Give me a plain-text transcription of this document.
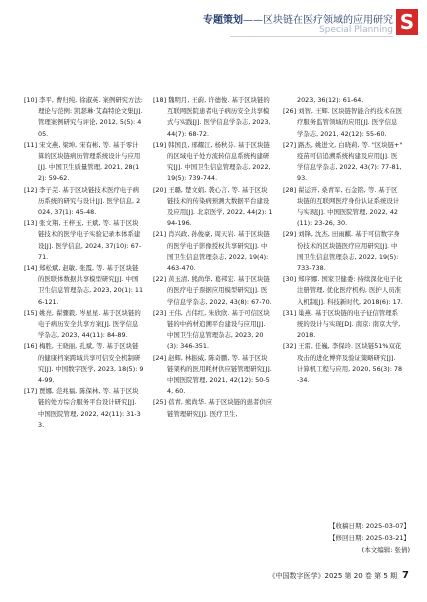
专题策划——区块链在医疗领域的应用研究
Special Planning S

[10] 李平, 曹归纯, 徐淑英. 案例研究方法: 理论与范例: 凯瑟琳·艾森特论文集[J]. 管理案例研究与评论, 2012, 5(5): 405.

[11] 宋文燕, 梁坤, 宋有彬, 等. 基于零计算的区块链病历管理系统设计与应用[J]. 中国卫生质量管理, 2021, 28(12): 59-62.

[12] 李子芫. 基于区块链技术医疗电子病历系统的研究与设计[J]. 医学信息, 2024, 37(1): 45-48.

[13] 张文翔, 王梓玉, 王斌, 等. 基于区块链技术的医学电子实验记录本体系建设[J]. 医学信息, 2024, 37(10): 67-71.

[14] 郑松斌, 赵敏, 张霞, 等. 基于区块链的医联体数据共享模型研究[J]. 中国卫生信息管理杂志, 2023, 20(1): 116-121.

[15] 姚亮, 翟骤毅, 岑星星. 基于区块链的电子病历安全共享方案[J]. 医学信息学杂志, 2023, 44(11): 84-89.

[16] 梅胜, 王晓丽, 孔斌, 等. 基于区块链的健康档案跨域共享可信安全机制研究[J]. 中国数字医学, 2023, 18(5): 94-99.

[17] 贾娜, 范兆福, 陈保林, 等. 基于区块链的处方综合服务平台设计研究[J]. 中国医院管理, 2022, 42(11): 31-33.

[18] 魏明月, 王蔚, 许德俊. 基于区块链的互联网医院患者电子病历安全共享模式与实践[J]. 医学信息学杂志, 2023, 44(7): 68-72.

[19] 韩国良, 邢耀江, 杨秋芬. 基于区块链的区域电子处方流转信息系统构建研究[J]. 中国卫生信息管理杂志, 2022, 19(5): 739-744.

[20] 王璐, 楚文娟, 袭心言, 等. 基于区块链技术的传染病预测大数据平台建设及应用[J]. 北京医学, 2022, 44(2): 194-196.

[21] 肖兴政, 孙俊豪, 周天岩. 基于区块链的医学电子影像授权共享研究[J]. 中国卫生信息管理杂志, 2022, 19(4): 463-470.

[22] 黄玉清, 熊尚华, 葛邦宏. 基于区块链的医疗电子票据应用模型研究[J]. 医学信息学杂志, 2022, 43(8): 67-70.

[23] 王伟, 占伟红, 朱欣欣. 基于可信区块链的中药材追溯平台建设与应用[J]. 中国卫生信息管理杂志, 2023, 20(3): 346-351.

[24] 赵辉, 林振威, 陈奇鹏, 等. 基于区块链架构的医用耗材供应链管理研究[J]. 中国医院管理, 2021, 42(12): 50-54, 60.

[25] 蓓青, 熊尚华. 基于区块链的患者供应链管理研究[J]. 医疗卫生,

2023, 36(12): 61-64.

[26] 刘智, 王辉. 区块链智能合约技术在医疗服务监管领域的应用[J]. 医学信息学杂志, 2021, 42(12): 55-60.

[27] 路杰, 姚进文, 白晓莉, 等. "区块链+" 疫苗可信追溯系统构建及应用[J]. 医学信息学杂志, 2022, 43(7): 77-81, 93.

[28] 翟运开, 桑青军, 石金铭, 等. 基于区块链的互联网医疗身份认证系统设计与实现[J]. 中国医院管理, 2022, 42(11): 23-26, 30.

[29] 刘锋, 沈杰, 田雨麒. 基于可信数字身份技术的区块链医疗应用研究[J]. 中国卫生信息管理杂志, 2022, 19(5): 733-738.

[30] 郑序娜. 国家卫健委: 持续深化电子化注册管理, 优化医疗机构, 医护人员准入机制[J]. 科技新时代, 2018(6): 17.

[31] 巢燕. 基于区块链的电子征信管理系统的设计与实现[D]. 南京: 南京大学, 2018.

[32] 王雷, 任巍, 李保玲. 区块链51%双花攻击的进化博弈及验证策略研究[J]. 计算机工程与应用, 2020, 56(3): 78-34.

【收稿日期: 2025-03-07】
【修回日期: 2025-03-21】
(本文编辑: 张倩)
《中国数字医学》2025 第 20 卷 第 5 期 7
